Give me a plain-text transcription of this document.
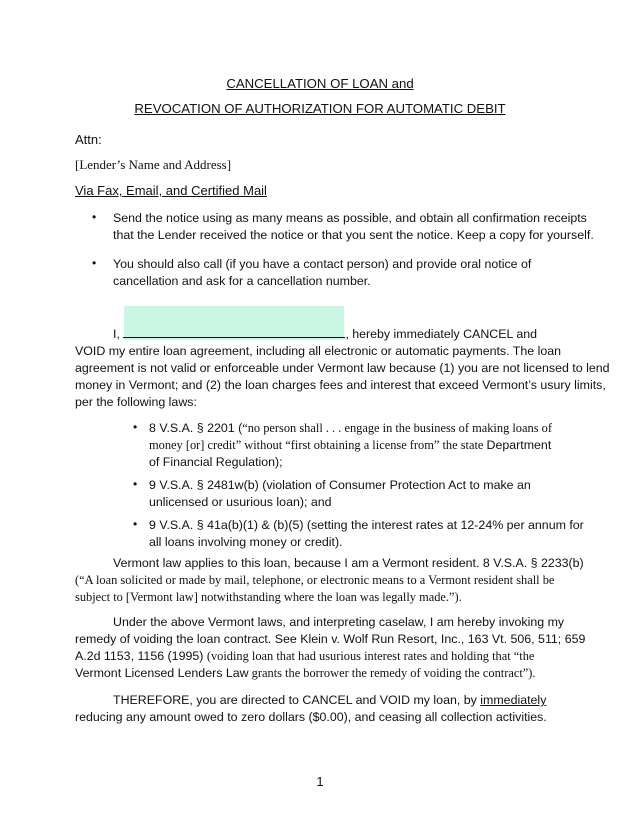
CANCELLATION OF LOAN and
REVOCATION OF AUTHORIZATION FOR AUTOMATIC DEBIT
Attn:
[Lender’s Name and Address]
Via Fax, Email, and Certified Mail
• Send the notice using as many means as possible, and obtain all confirmation receipts
that the Lender received the notice or that you sent the notice. Keep a copy for yourself.
• You should also call (if you have a contact person) and provide oral notice of
cancellation and ask for a cancellation number.
I,	, hereby immediately CANCEL and
VOID my entire loan agreement, including all electronic or automatic payments. The loan
agreement is not valid or enforceable under Vermont law because (1) you are not licensed to lend
money in Vermont; and (2) the loan charges fees and interest that exceed Vermont’s usury limits,
per the following laws:
• 8 V.S.A. § 2201 (“no person shall . . . engage in the business of making loans of
money [or] credit” without “first obtaining a license from” the state Department
of Financial Regulation);
• 9 V.S.A. § 2481w(b) (violation of Consumer Protection Act to make an
unlicensed or usurious loan); and
• 9 V.S.A. § 41a(b)(1) & (b)(5) (setting the interest rates at 12-24% per annum for
all loans involving money or credit).
Vermont law applies to this loan, because I am a Vermont resident. 8 V.S.A. § 2233(b)
(“A loan solicited or made by mail, telephone, or electronic means to a Vermont resident shall be
subject to [Vermont law] notwithstanding where the loan was legally made.”).
Under the above Vermont laws, and interpreting caselaw, I am hereby invoking my
remedy of voiding the loan contract. See Klein v. Wolf Run Resort, Inc., 163 Vt. 506, 511; 659
A.2d 1153, 1156 (1995) (voiding loan that had usurious interest rates and holding that “the
Vermont Licensed Lenders Law grants the borrower the remedy of voiding the contract”).
THEREFORE, you are directed to CANCEL and VOID my loan, by immediately
reducing any amount owed to zero dollars ($0.00), and ceasing all collection activities.
1
